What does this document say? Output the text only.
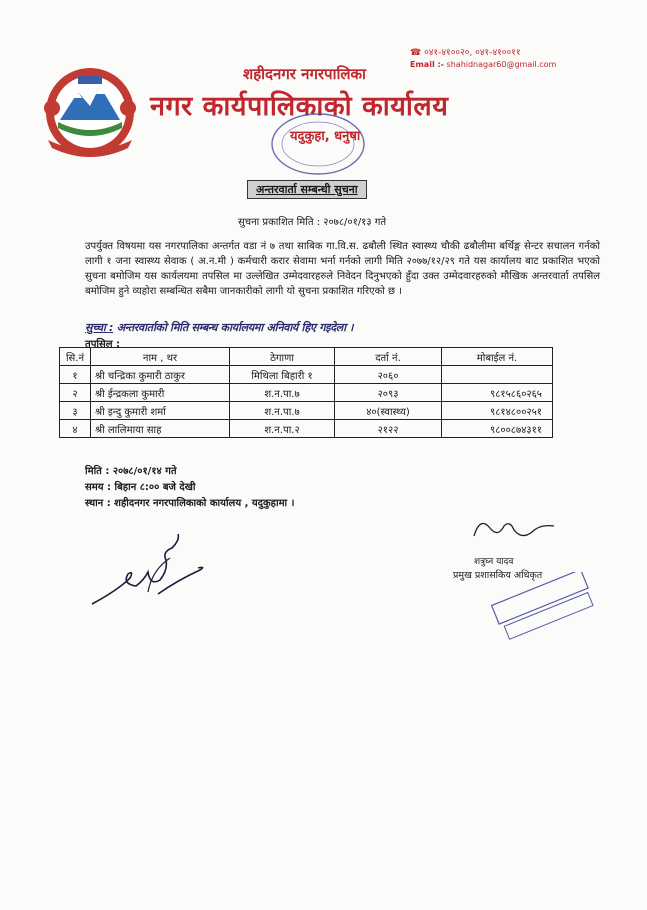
☎ ०४१-४१००२०, ०४१-४१००११
Email :- shahidnagar60@gmail.com
शहीदनगर नगरपालिका
नगर कार्यपालिकाको कार्यालय
यदुकुहा, धनुषा
अन्तरवार्ता सम्बन्धी सुचना
सुचना प्रकाशित मिति : २०७८/०१/१३ गते
उपर्युक्त विषयमा यस नगरपालिका अन्तर्गत वडा नं ७ तथा साबिक गा.वि.स. ढबौली स्थित स्वास्थ्य चौकी ढबौलीमा बर्थिङ्ग सेन्टर सचालन गर्नको लागी १ जना स्वास्थ्य सेवाक ( अ.न.मी ) कर्मचारी करार सेवामा भर्ना गर्नको लागी मिति २०७७/१२/२९ गते यस कार्यालय बाट प्रकाशित भएको सुचना बमोजिम यस कार्यलयमा तपसिल मा उल्लेखित उम्मेदवारहरुले निवेदन दिनुभएको हुँदा उक्त उम्मेदवारहरुको मौखिक अन्तरवार्ता तपसिल बमोजिम हुने व्यहोरा सम्बन्धित सबैमा जानकारीको लागी यो सुचना प्रकाशित गरिएको छ ।
सुच्चा : अन्तरवार्ताको मिति सम्बन्ध कार्यालयमा अनिवार्य हिए गइदेला ।
तपसिल :
सि.नं	नाम , थर	ठेगाणा	दर्ता नं.	मोबाईल नं.
१	श्री चन्द्रिका कुमारी ठाकुर	मिथिला बिहारी १	२०६०	
२	श्री ईन्द्रकला कुमारी	श.न.पा.७	२०९३	९८१५८६०२६५
३	श्री इन्दु कुमारी शर्मा	श.न.पा.७	४०(स्वास्थ्य)	९८१४८००२५१
४	श्री लालिमाया साह	श.न.पा.२	२१२२	९८००८७४३११
मिति : २०७८/०१/१४ गते
समय : बिहान ८:०० बजे देखी
स्थान : शहीदनगर नगरपालिकाको कार्यालय , यदुकुहामा ।
शत्रुघ्न यादव
प्रमुख प्रशासकिय अधिकृत
